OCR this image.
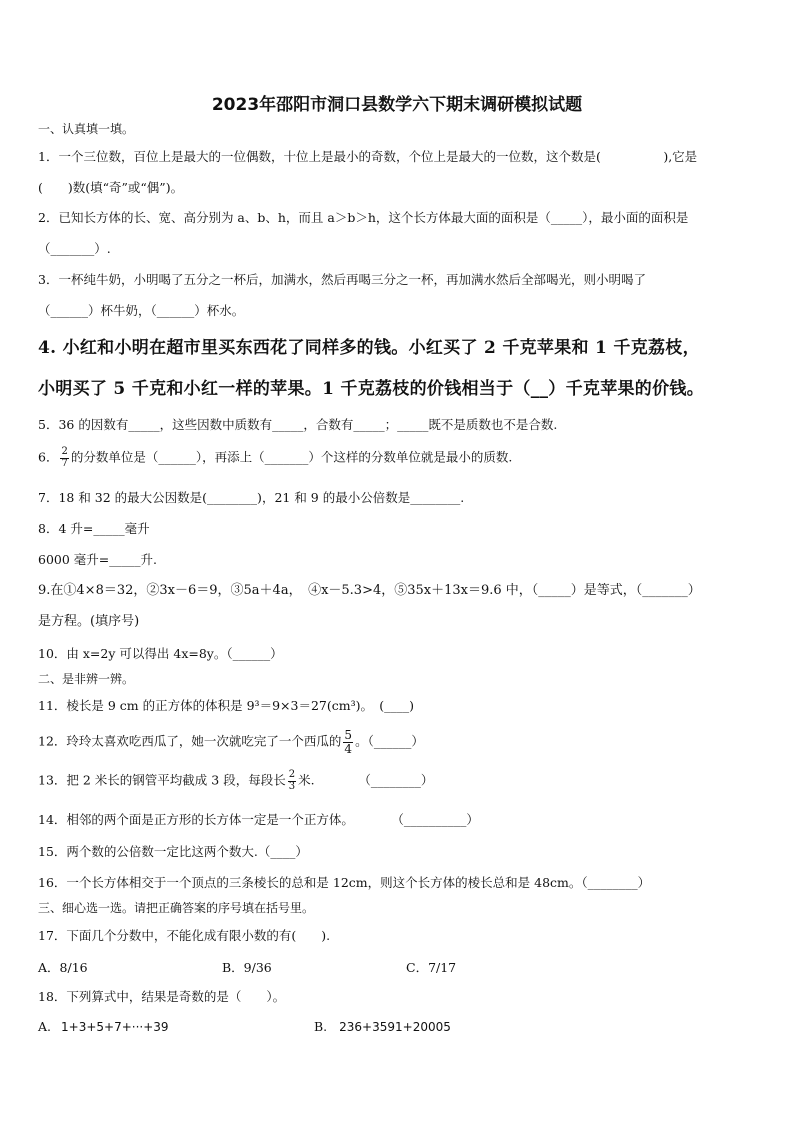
2023年邵阳市洞口县数学六下期末调研模拟试题
一、认真填一填。
1．一个三位数，百位上是最大的一位偶数，十位上是最小的奇数，个位上是最大的一位数，这个数是(　　　　　),它是
(　　)数(填“奇”或“偶”)。
2．已知长方体的长、宽、高分别为 a、b、h，而且 a＞b＞h，这个长方体最大面的面积是（_____），最小面的面积是
（_______）.
3．一杯纯牛奶，小明喝了五分之一杯后，加满水，然后再喝三分之一杯，再加满水然后全部喝光，则小明喝了
（______）杯牛奶，（______）杯水。
4. 小红和小明在超市里买东西花了同样多的钱。小红买了 2 千克苹果和 1 千克荔枝，
小明买了 5 千克和小红一样的苹果。1 千克荔枝的价钱相当于（__）千克苹果的价钱。
5．36 的因数有_____，这些因数中质数有_____，合数有_____；_____既不是质数也不是合数.
6． $\frac{2}{7}$ 的分数单位是（______），再添上（_______）个这样的分数单位就是最小的质数.
7．18 和 32 的最大公因数是(________)，21 和 9 的最小公倍数是________.
8．4 升=_____毫升
6000 毫升=_____升.
9.在①4×8＝32，②3x－6＝9，③5a＋4a，　④x－5.3>4，⑤35x＋13x＝9.6 中，（_____）是等式，（_______）
是方程。(填序号)
10．由 x=2y 可以得出 4x=8y。（______）
二、是非辨一辨。
11．棱长是 9 cm 的正方体的体积是 9³＝9×3＝27(cm³)。　(____)
12．玲玲太喜欢吃西瓜了，她一次就吃完了一个西瓜的 $\frac{5}{4}$ 。（______）
13．把 2 米长的钢管平均截成 3 段，每段长 $\frac{2}{3}$ 米.　　　　（________）
14．相邻的两个面是正方形的长方体一定是一个正方体。　　　　（__________）
15．两个数的公倍数一定比这两个数大.（____）
16．一个长方体相交于一个顶点的三条棱长的总和是 12cm，则这个长方体的棱长总和是 48cm。（________）
三、细心选一选。请把正确答案的序号填在括号里。
17．下面几个分数中，不能化成有限小数的有(　　).
A．8/16	B．9/36	C．7/17
18．下列算式中，结果是奇数的是（　　）。
A. 1+3+5+7+···+39	B. 236+3591+20005
